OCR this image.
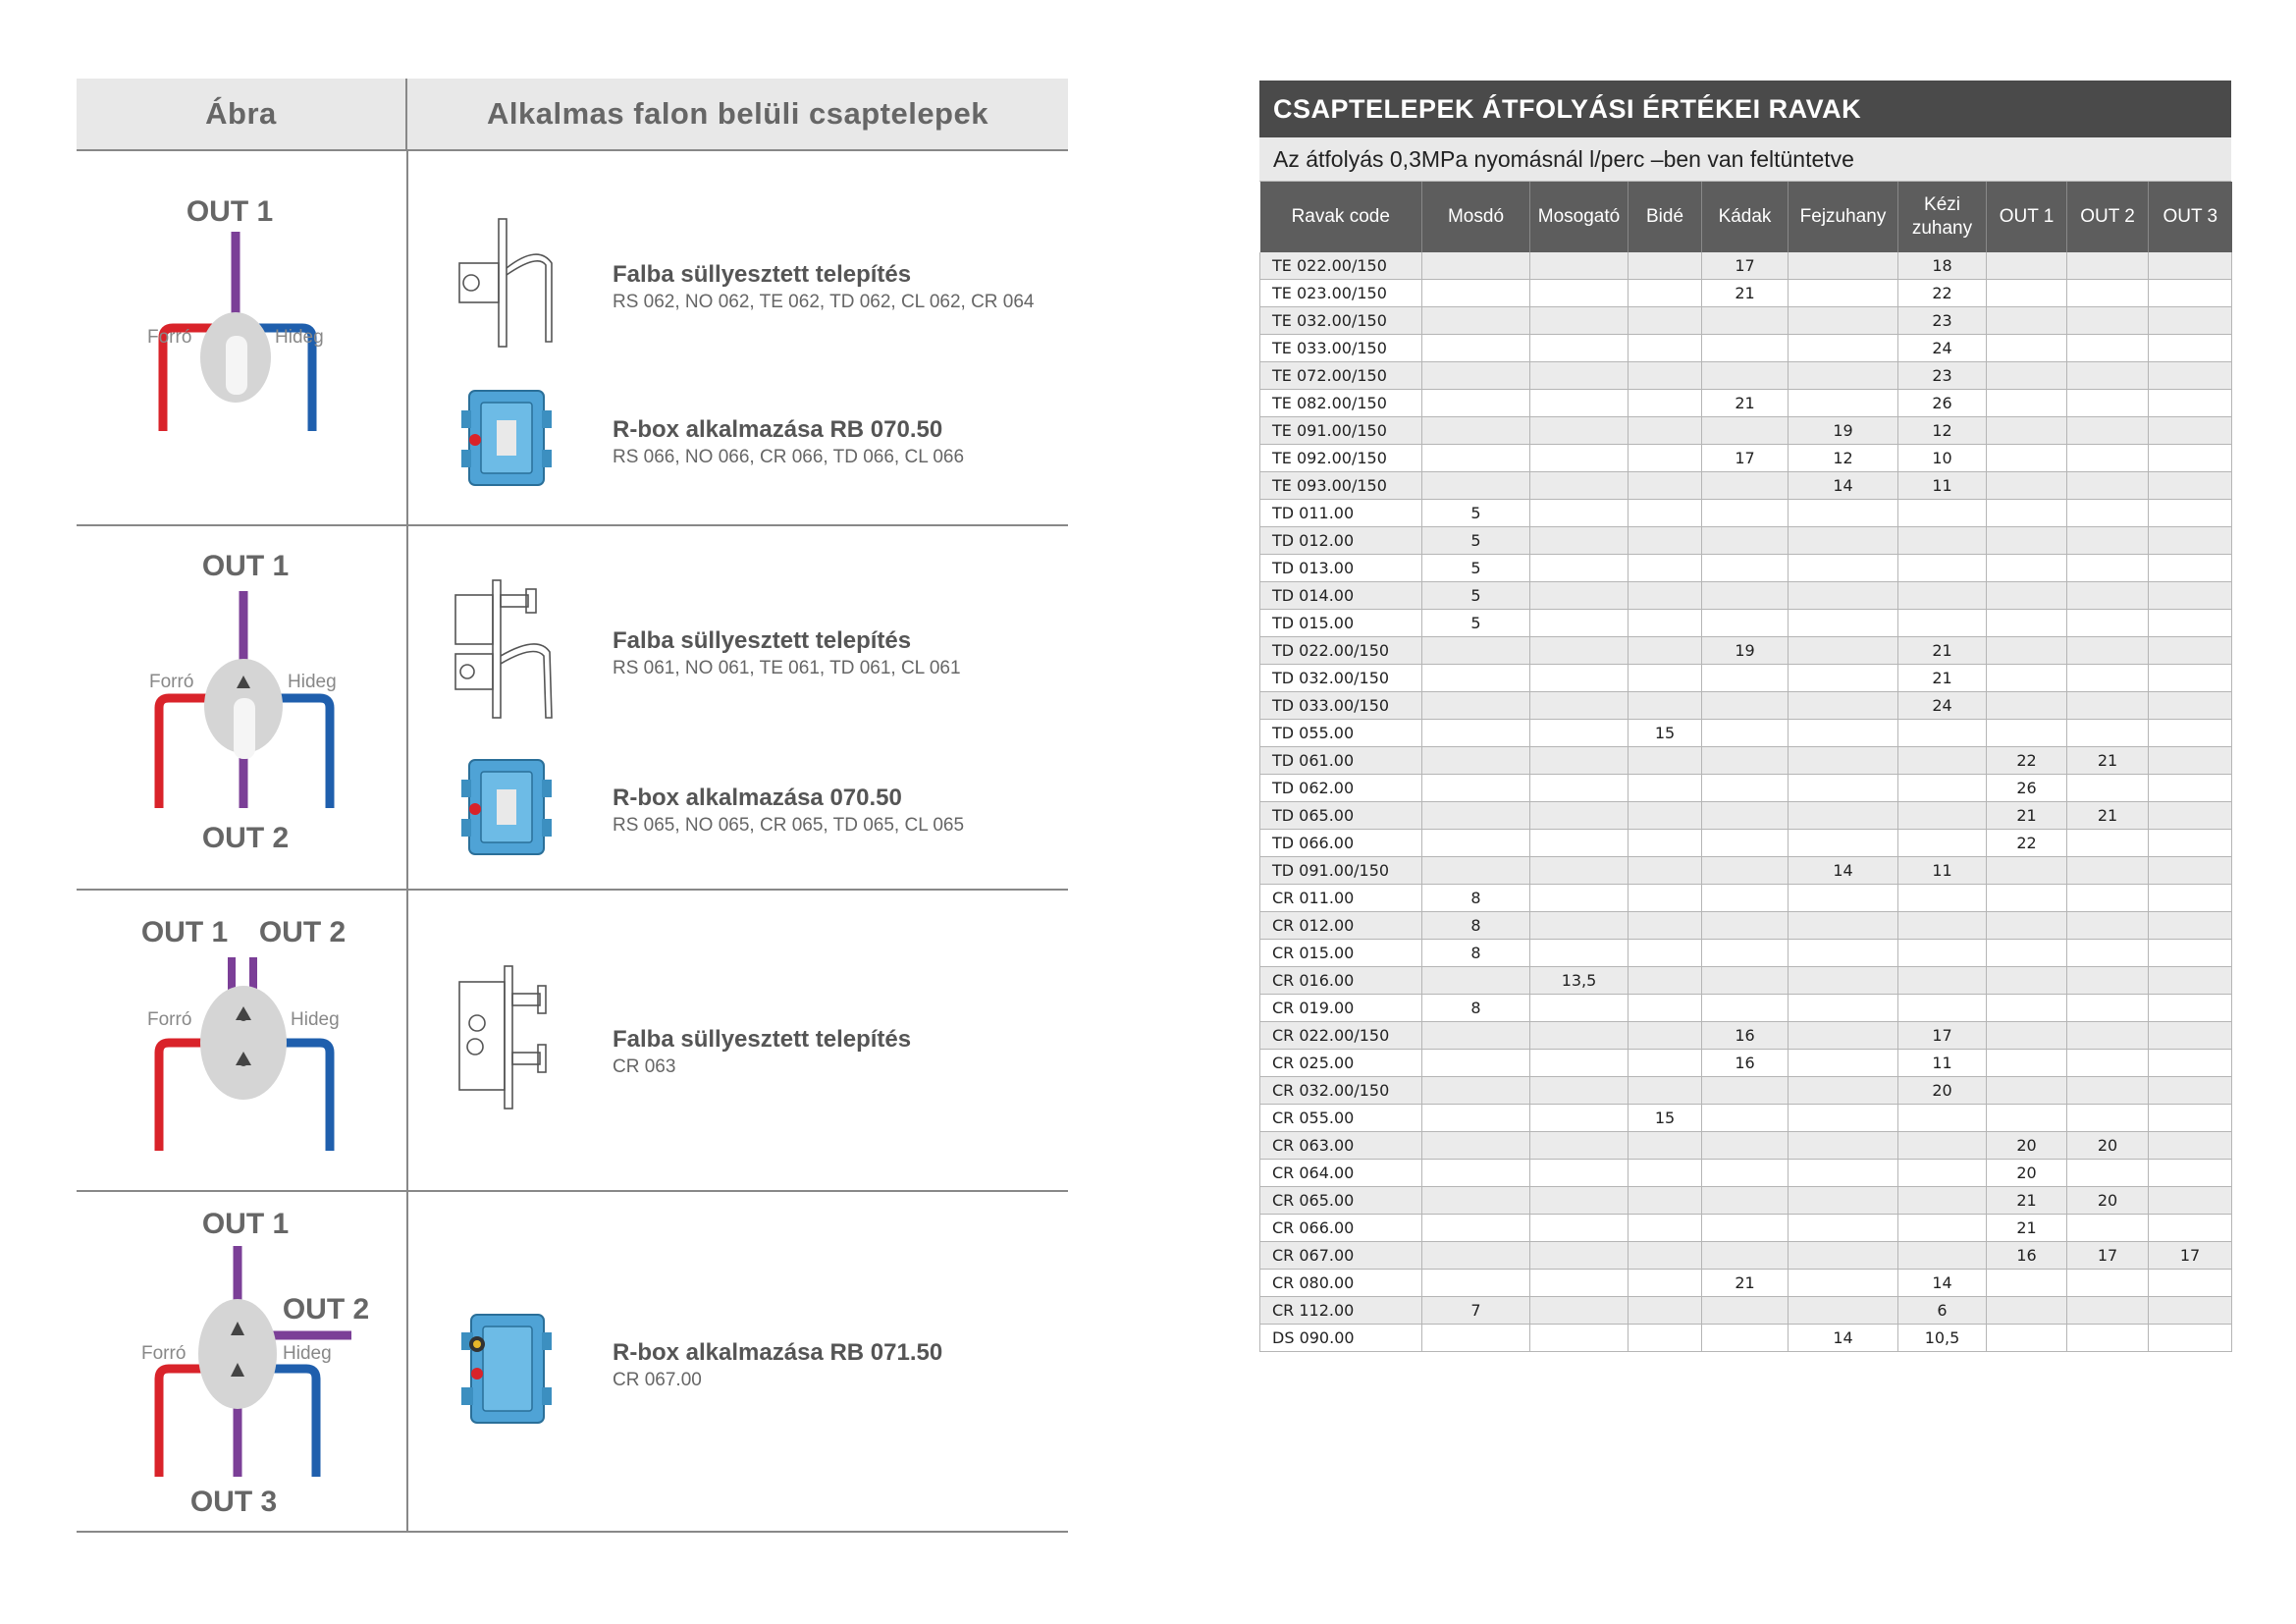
Ábra	Alkalmas falon belüli csaptelepek
OUT 1
Forró	Hideg
Falba süllyesztett telepítés
RS 062, NO 062, TE 062, TD 062, CL 062, CR 064
R-box alkalmazása RB 070.50
RS 066, NO 066, CR 066, TD 066, CL 066
OUT 1
OUT 2
Forró	Hideg
Falba süllyesztett telepítés
RS 061, NO 061, TE 061, TD 061, CL 061
R-box alkalmazása 070.50
RS 065, NO 065, CR 065, TD 065, CL 065
OUT 1 OUT 2
Forró	Hideg
Falba süllyesztett telepítés
CR 063
OUT 1
OUT 2
OUT 3
Forró	Hideg	R-box alkalmazása RB 071.50
CR 067.00
CSAPTELEPEK ÁTFOLYÁSI ÉRTÉKEI RAVAK
Az átfolyás 0,3MPa nyomásnál l/perc –ben van feltüntetve
Ravak code	Mosdó	Mosogató	Bidé	Kádak	Fejzuhany	Kézi
zuhany	OUT 1	OUT 2	OUT 3
TE 022.00/150				17		18			
TE 023.00/150				21		22			
TE 032.00/150						23			
TE 033.00/150						24			
TE 072.00/150						23			
TE 082.00/150				21		26			
TE 091.00/150					19	12			
TE 092.00/150				17	12	10			
TE 093.00/150					14	11			
TD 011.00	5								
TD 012.00	5								
TD 013.00	5								
TD 014.00	5								
TD 015.00	5								
TD 022.00/150				19		21			
TD 032.00/150						21			
TD 033.00/150						24			
TD 055.00			15						
TD 061.00							22	21	
TD 062.00							26		
TD 065.00							21	21	
TD 066.00							22		
TD 091.00/150					14	11			
CR 011.00	8								
CR 012.00	8								
CR 015.00	8								
CR 016.00		13,5							
CR 019.00	8								
CR 022.00/150				16		17			
CR 025.00				16		11			
CR 032.00/150						20			
CR 055.00			15						
CR 063.00							20	20	
CR 064.00							20		
CR 065.00							21	20	
CR 066.00							21		
CR 067.00							16	17	17
CR 080.00				21		14			
CR 112.00	7					6			
DS 090.00					14	10,5			
